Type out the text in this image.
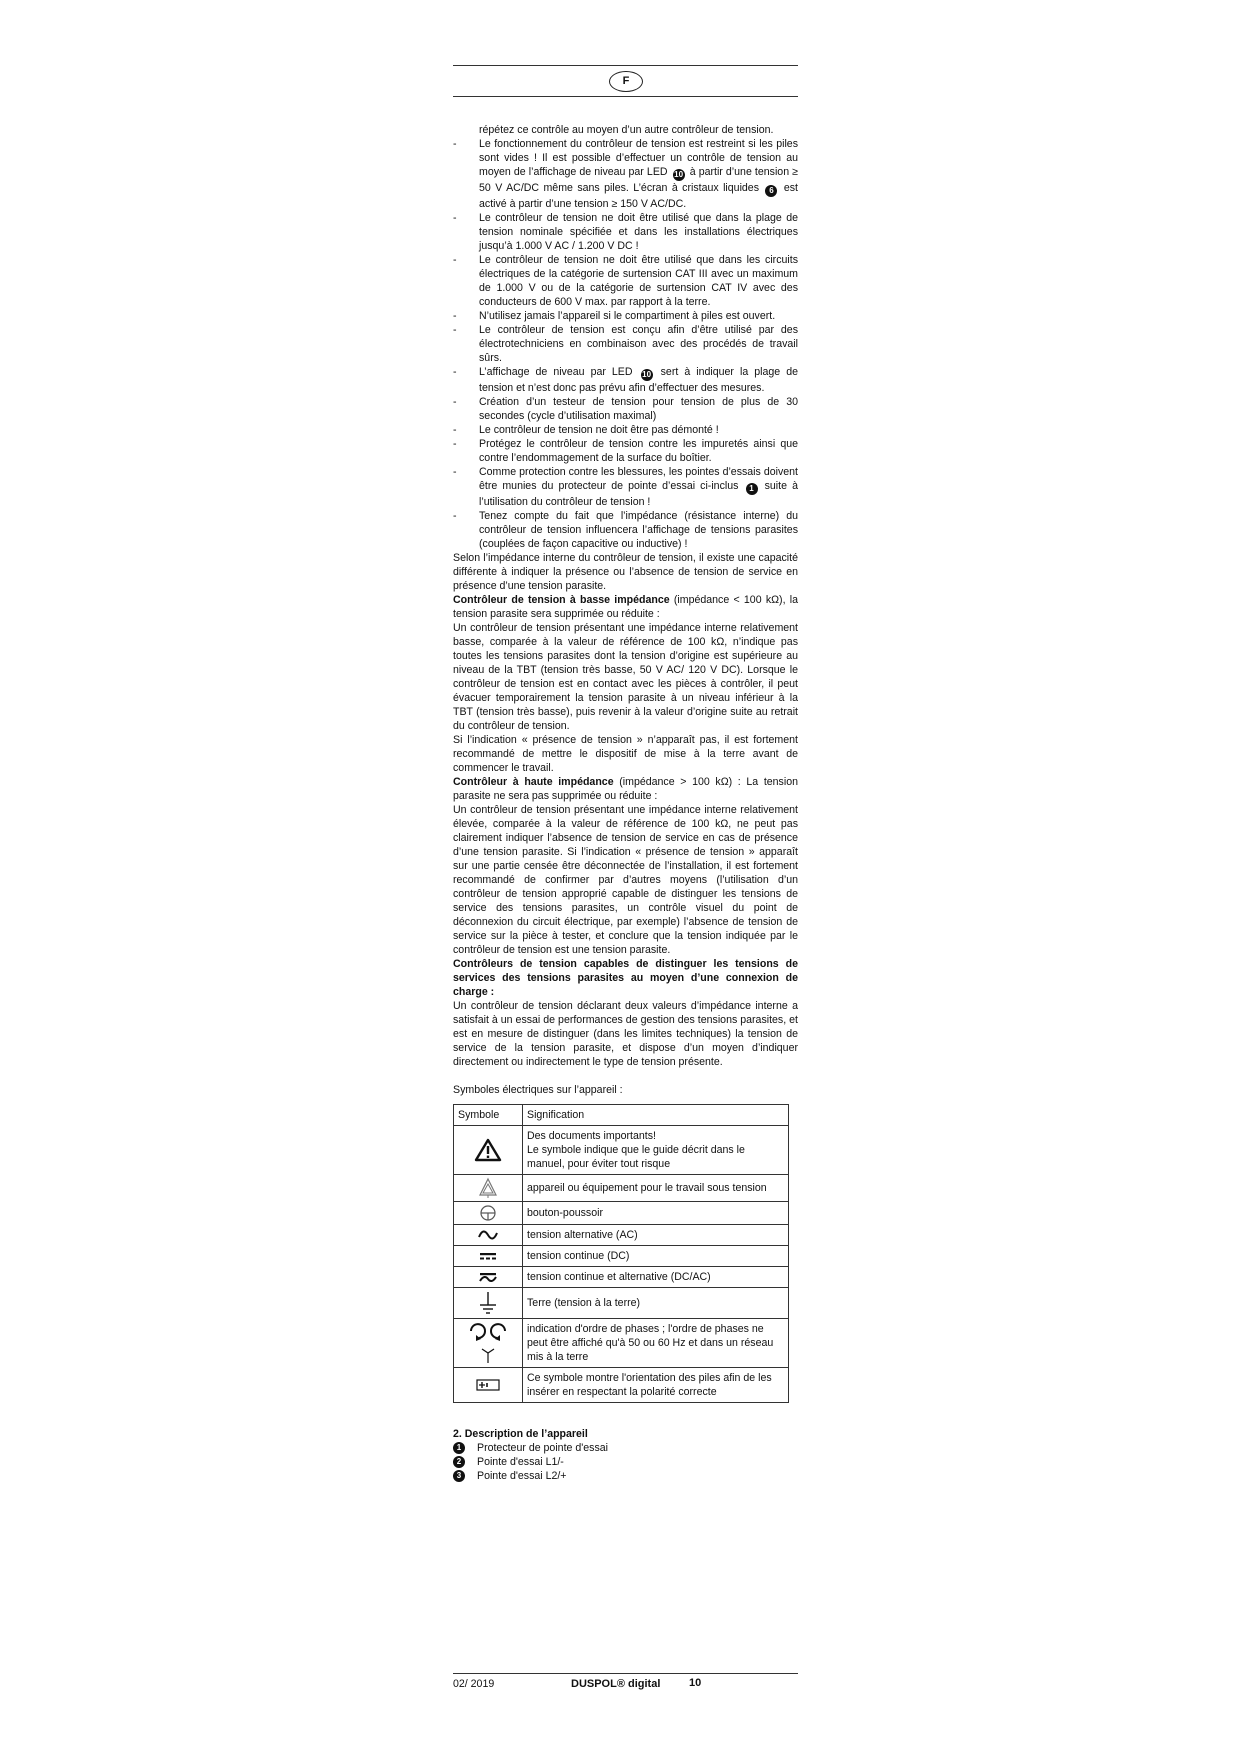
F

répétez ce contrôle au moyen d’un autre contrôleur de tension.

- Le fonctionnement du contrôleur de tension est restreint si les piles sont vides ! Il est possible d’effectuer un contrôle de tension au moyen de l’affichage de niveau par LED 10 à partir d’une tension ≥ 50 V AC/DC même sans piles. L’écran à cristaux liquides 6 est activé à partir d’une tension ≥ 150 V AC/DC.
- Le contrôleur de tension ne doit être utilisé que dans la plage de tension nominale spécifiée et dans les installations électriques jusqu’à 1.000 V AC / 1.200 V DC !
- Le contrôleur de tension ne doit être utilisé que dans les circuits électriques de la catégorie de surtension CAT III avec un maximum de 1.000 V ou de la catégorie de surtension CAT IV avec des conducteurs de 600 V max. par rapport à la terre.
- N’utilisez jamais l’appareil si le compartiment à piles est ouvert.
- Le contrôleur de tension est conçu afin d’être utilisé par des électrotechniciens en combinaison avec des procédés de travail sûrs.
- L’affichage de niveau par LED 10 sert à indiquer la plage de tension et n’est donc pas prévu afin d’effectuer des mesures.
- Création d’un testeur de tension pour tension de plus de 30 secondes (cycle d’utilisation maximal)
- Le contrôleur de tension ne doit être pas démonté !
- Protégez le contrôleur de tension contre les impuretés ainsi que contre l’endommagement de la surface du boîtier.
- Comme protection contre les blessures, les pointes d’essais doivent être munies du protecteur de pointe d’essai ci-inclus 1 suite à l’utilisation du contrôleur de tension !
- Tenez compte du fait que l’impédance (résistance interne) du contrôleur de tension influencera l’affichage de tensions parasites (couplées de façon capacitive ou inductive) !

Selon l’impédance interne du contrôleur de tension, il existe une capacité différente à indiquer la présence ou l’absence de tension de service en présence d’une tension parasite.

Contrôleur de tension à basse impédance (impédance < 100 kΩ), la tension parasite sera supprimée ou réduite :

Un contrôleur de tension présentant une impédance interne relativement basse, comparée à la valeur de référence de 100 kΩ, n’indique pas toutes les tensions parasites dont la tension d’origine est supérieure au niveau de la TBT (tension très basse, 50 V AC/ 120 V DC). Lorsque le contrôleur de tension est en contact avec les pièces à contrôler, il peut évacuer temporairement la tension parasite à un niveau inférieur à la TBT (tension très basse), puis revenir à la valeur d’origine suite au retrait du contrôleur de tension.

Si l’indication « présence de tension » n’apparaît pas, il est fortement recommandé de mettre le dispositif de mise à la terre avant de commencer le travail.

Contrôleur à haute impédance (impédance > 100 kΩ) : La tension parasite ne sera pas supprimée ou réduite :

Un contrôleur de tension présentant une impédance interne relativement élevée, comparée à la valeur de référence de 100 kΩ, ne peut pas clairement indiquer l’absence de tension de service en cas de présence d’une tension parasite. Si l’indication « présence de tension » apparaît sur une partie censée être déconnectée de l’installation, il est fortement recommandé de confirmer par d’autres moyens (l’utilisation d’un contrôleur de tension approprié capable de distinguer les tensions de service des tensions parasites, un contrôle visuel du point de déconnexion du circuit électrique, par exemple) l’absence de tension de service sur la pièce à tester, et conclure que la tension indiquée par le contrôleur de tension est une tension parasite.

Contrôleurs de tension capables de distinguer les tensions de services des tensions parasites au moyen d’une connexion de charge :

Un contrôleur de tension déclarant deux valeurs d’impédance interne a satisfait à un essai de performances de gestion des tensions parasites, et est en mesure de distinguer (dans les limites techniques) la tension de service de la tension parasite, et dispose d’un moyen d’indiquer directement ou indirectement le type de tension présente.

Symboles électriques sur l’appareil :

Symbole	Signification

	Des documents importants!
Le symbole indique que le guide décrit dans le manuel, pour éviter tout risque

	appareil ou équipement pour le travail sous tension

	bouton-poussoir

	tension alternative (AC)

	tension continue (DC)

	tension continue et alternative (DC/AC)

	Terre (tension à la terre)

	indication d'ordre de phases ; l'ordre de phases ne peut être affiché qu'à 50 ou 60 Hz et dans un réseau mis à la terre

	Ce symbole montre l'orientation des piles afin de les insérer en respectant la polarité correcte
2. Description de l’appareil
1	Protecteur de pointe d'essai
2	Pointe d'essai L1/-
3	Pointe d'essai L2/+
02/ 2019	DUSPOL® digital	10
